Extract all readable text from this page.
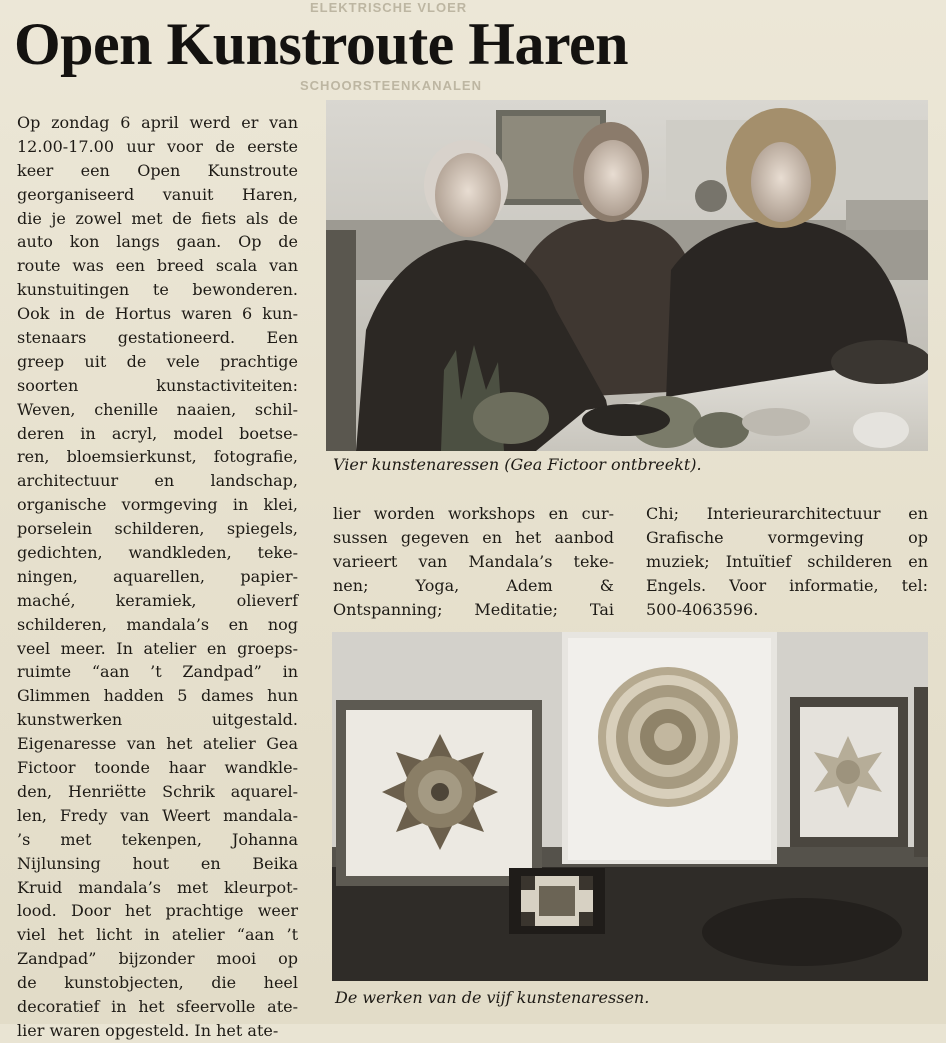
ELEKTRISCHE VLOER
SCHOORSTEENKANALEN
Open Kunstroute Haren
Op zondag 6 april werd er van
12.00-17.00 uur voor de eerste
keer een Open Kunstroute
georganiseerd vanuit Haren,
die je zowel met de fiets als de
auto kon langs gaan. Op de
route was een breed scala van
kunstuitingen te bewonderen.
Ook in de Hortus waren 6 kun-
stenaars gestationeerd. Een
greep uit de vele prachtige
soorten kunstactiviteiten:
Weven, chenille naaien, schil-
deren in acryl, model boetse-
ren, bloemsierkunst, fotografie,
architectuur en landschap,
organische vormgeving in klei,
porselein schilderen, spiegels,
gedichten, wandkleden, teke-
ningen, aquarellen, papier-
maché, keramiek, olieverf
schilderen, mandala’s en nog
veel meer. In atelier en groeps-
ruimte “aan ’t Zandpad” in
Glimmen hadden 5 dames hun
kunstwerken uitgestald.
Eigenaresse van het atelier Gea
Fictoor toonde haar wandkle-
den, Henriëtte Schrik aquarel-
len, Fredy van Weert mandala-
’s met tekenpen, Johanna
Nijlunsing hout en Beika
Kruid mandala’s met kleurpot-
lood. Door het prachtige weer
viel het licht in atelier “aan ’t
Zandpad” bijzonder mooi op
de kunstobjecten, die heel
decoratief in het sfeervolle ate-
lier waren opgesteld. In het ate-
lier worden workshops en cur-
sussen gegeven en het aanbod
varieert van Mandala’s teke-
nen; Yoga, Adem &
Ontspanning; Meditatie; Tai
Chi; Interieurarchitectuur en
Grafische vormgeving op
muziek; Intuïtief schilderen en
Engels. Voor informatie, tel:
500-4063596.
Vier kunstenaressen (Gea Fictoor ontbreekt).
De werken van de vijf kunstenaressen.
